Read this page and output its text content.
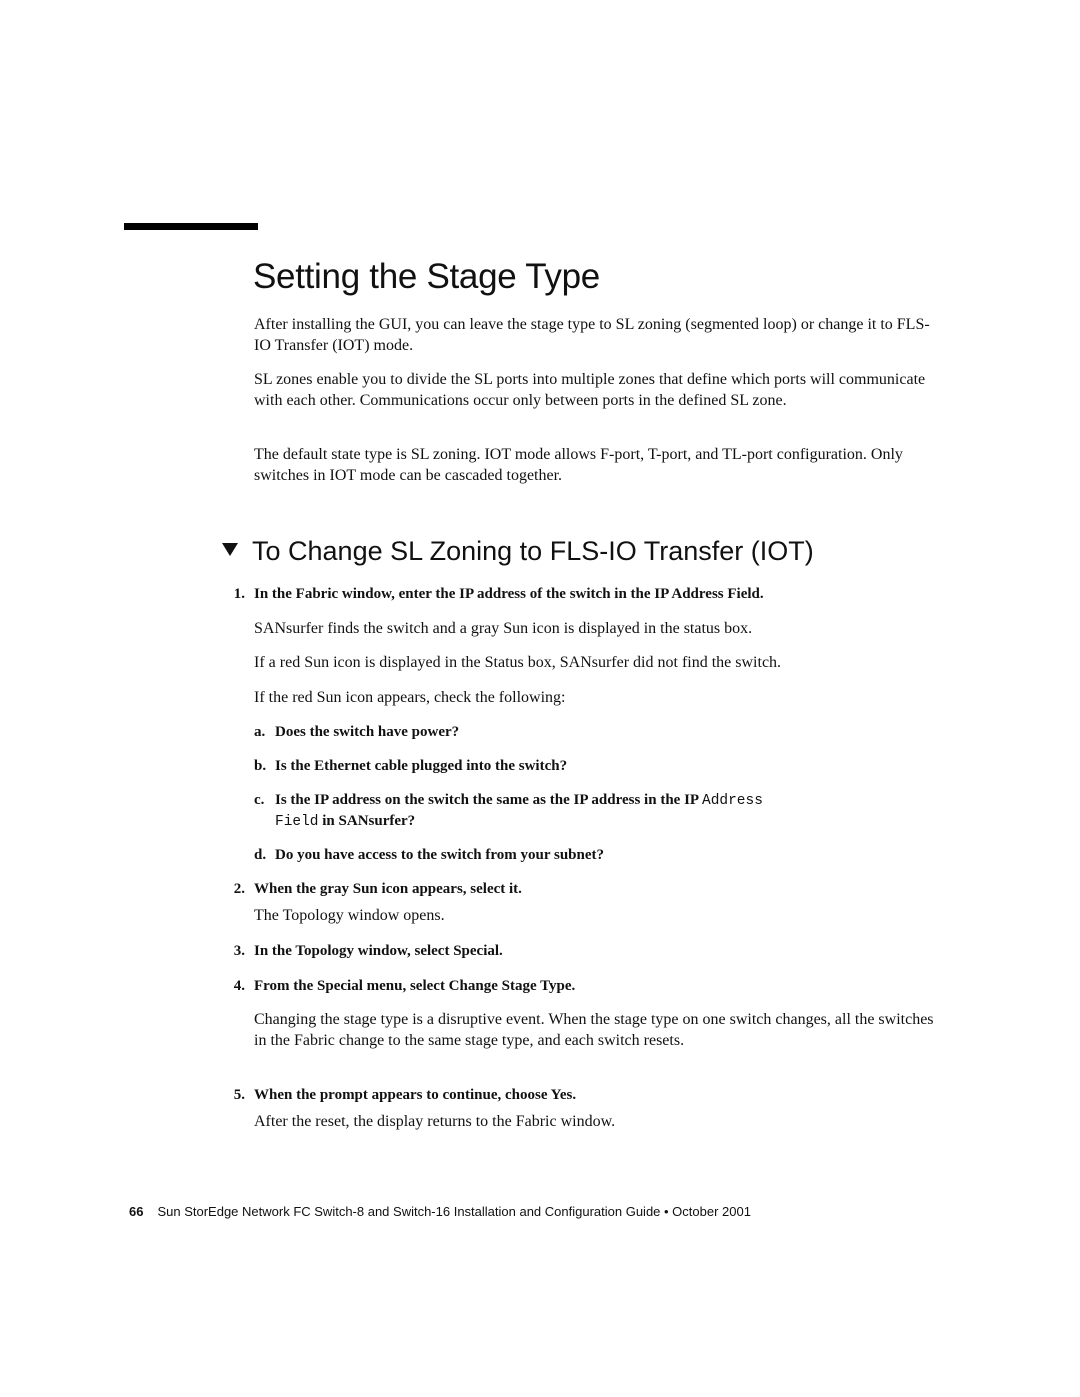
Setting the Stage Type

After installing the GUI, you can leave the stage type to SL zoning (segmented loop) or change it to FLS-IO Transfer (IOT) mode.

SL zones enable you to divide the SL ports into multiple zones that define which ports will communicate with each other. Communications occur only between ports in the defined SL zone.

The default state type is SL zoning. IOT mode allows F-port, T-port, and TL-port configuration. Only switches in IOT mode can be cascaded together.

To Change SL Zoning to FLS-IO Transfer (IOT)
1. In the Fabric window, enter the IP address of the switch in the IP Address Field.

SANsurfer finds the switch and a gray Sun icon is displayed in the status box.

If a red Sun icon is displayed in the Status box, SANsurfer did not find the switch.

If the red Sun icon appears, check the following:

a. Does the switch have power?
b. Is the Ethernet cable plugged into the switch?
c. Is the IP address on the switch the same as the IP address in the IP Address
Field in SANsurfer?
d. Do you have access to the switch from your subnet?
2. When the gray Sun icon appears, select it.

The Topology window opens.

3. In the Topology window, select Special.
4. From the Special menu, select Change Stage Type.

Changing the stage type is a disruptive event. When the stage type on one switch changes, all the switches in the Fabric change to the same stage type, and each switch resets.

5. When the prompt appears to continue, choose Yes.

After the reset, the display returns to the Fabric window.

66 Sun StorEdge Network FC Switch-8 and Switch-16 Installation and Configuration Guide • October 2001
